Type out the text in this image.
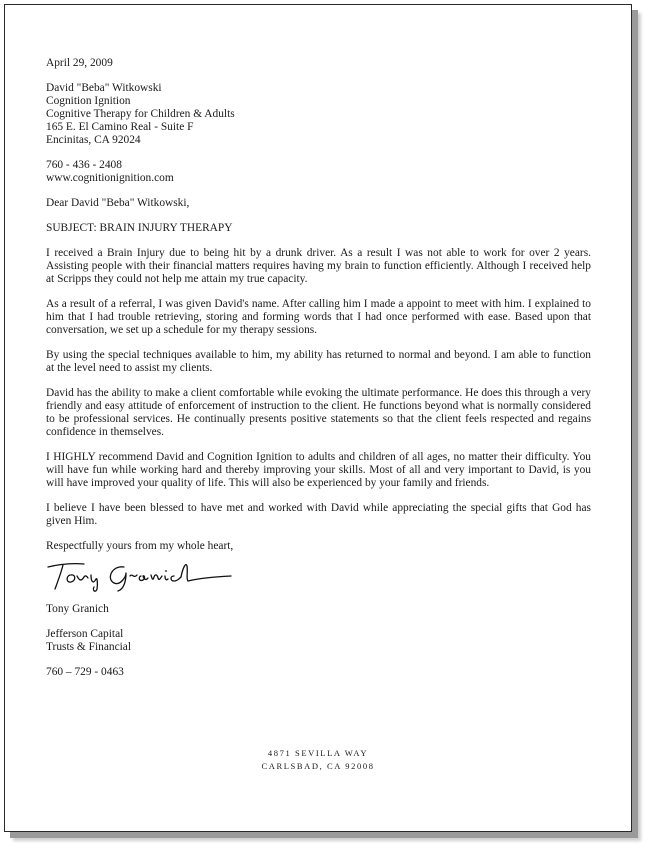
April 29, 2009
David "Beba" Witkowski
Cognition Ignition
Cognitive Therapy for Children & Adults
165 E. El Camino Real - Suite F
Encinitas, CA 92024
760 - 436 - 2408
www.cognitionignition.com
Dear David "Beba" Witkowski,
SUBJECT: BRAIN INJURY THERAPY

I received a Brain Injury due to being hit by a drunk driver. As a result I was not able to work for over 2 years. Assisting people with their financial matters requires having my brain to function efficiently. Although I received help at Scripps they could not help me attain my true capacity.

As a result of a referral, I was given David's name. After calling him I made a appoint to meet with him. I explained to him that I had trouble retrieving, storing and forming words that I had once performed with ease. Based upon that conversation, we set up a schedule for my therapy sessions.

By using the special techniques available to him, my ability has returned to normal and beyond. I am able to function at the level need to assist my clients.

David has the ability to make a client comfortable while evoking the ultimate performance. He does this through a very friendly and easy attitude of enforcement of instruction to the client. He functions beyond what is normally considered to be professional services. He continually presents positive statements so that the client feels respected and regains confidence in themselves.

I HIGHLY recommend David and Cognition Ignition to adults and children of all ages, no matter their difficulty. You will have fun while working hard and thereby improving your skills. Most of all and very important to David, is you will have improved your quality of life. This will also be experienced by your family and friends.

I believe I have been blessed to have met and worked with David while appreciating the special gifts that God has given Him.

Respectfully yours from my whole heart,
Tony Granich
Jefferson Capital
Trusts & Financial
760 – 729 - 0463
4871 SEVILLA WAY
CARLSBAD, CA 92008
